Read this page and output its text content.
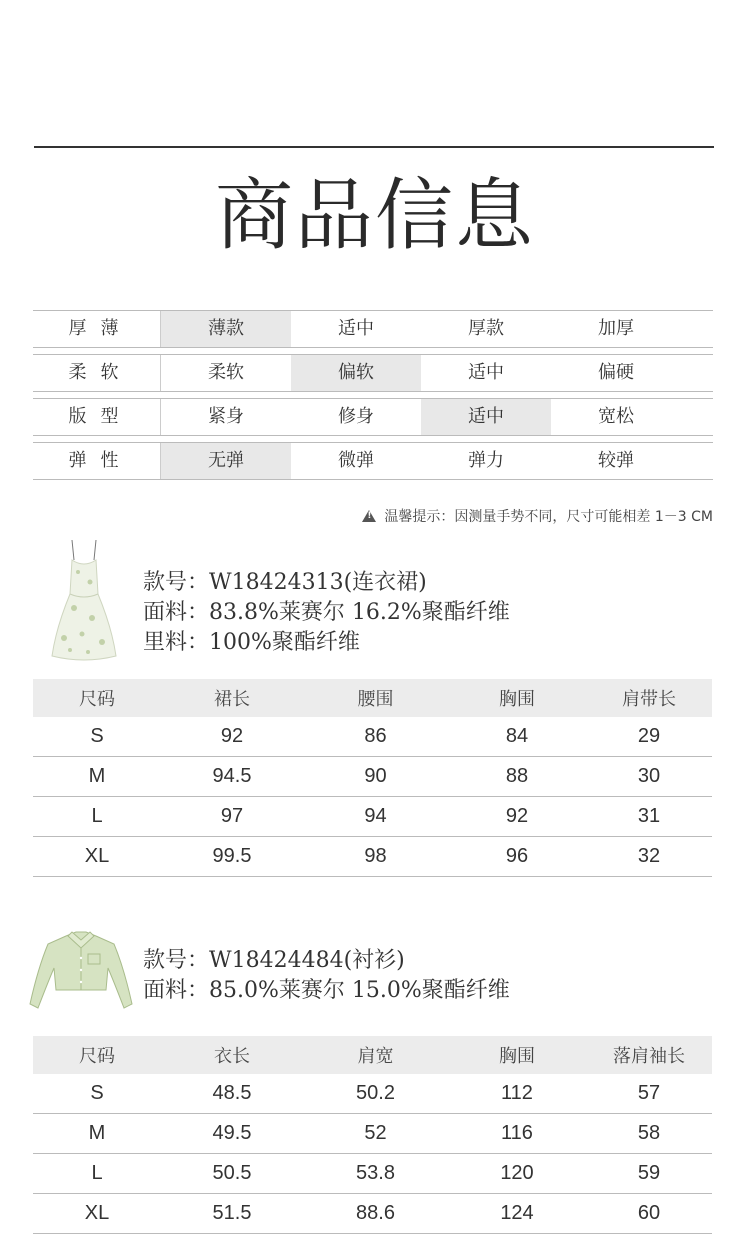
商品信息
厚薄	薄款	适中	厚款	加厚
柔软	柔软	偏软	适中	偏硬
版型	紧身	修身	适中	宽松
弹性	无弹	微弹	弹力	较弹
!
温馨提示：因测量手势不同，尺寸可能相差 1－3 CM
款号：W18424313(连衣裙)
面料：83.8%莱赛尔 16.2%聚酯纤维
里料：100%聚酯纤维
尺码	裙长	腰围	胸围	肩带长
S	92	86	84	29
M	94.5	90	88	30
L	97	94	92	31
XL	99.5	98	96	32
款号：W18424484(衬衫)
面料：85.0%莱赛尔 15.0%聚酯纤维
尺码	衣长	肩宽	胸围	落肩袖长
S	48.5	50.2	112	57
M	49.5	52	116	58
L	50.5	53.8	120	59
XL	51.5	88.6	124	60
